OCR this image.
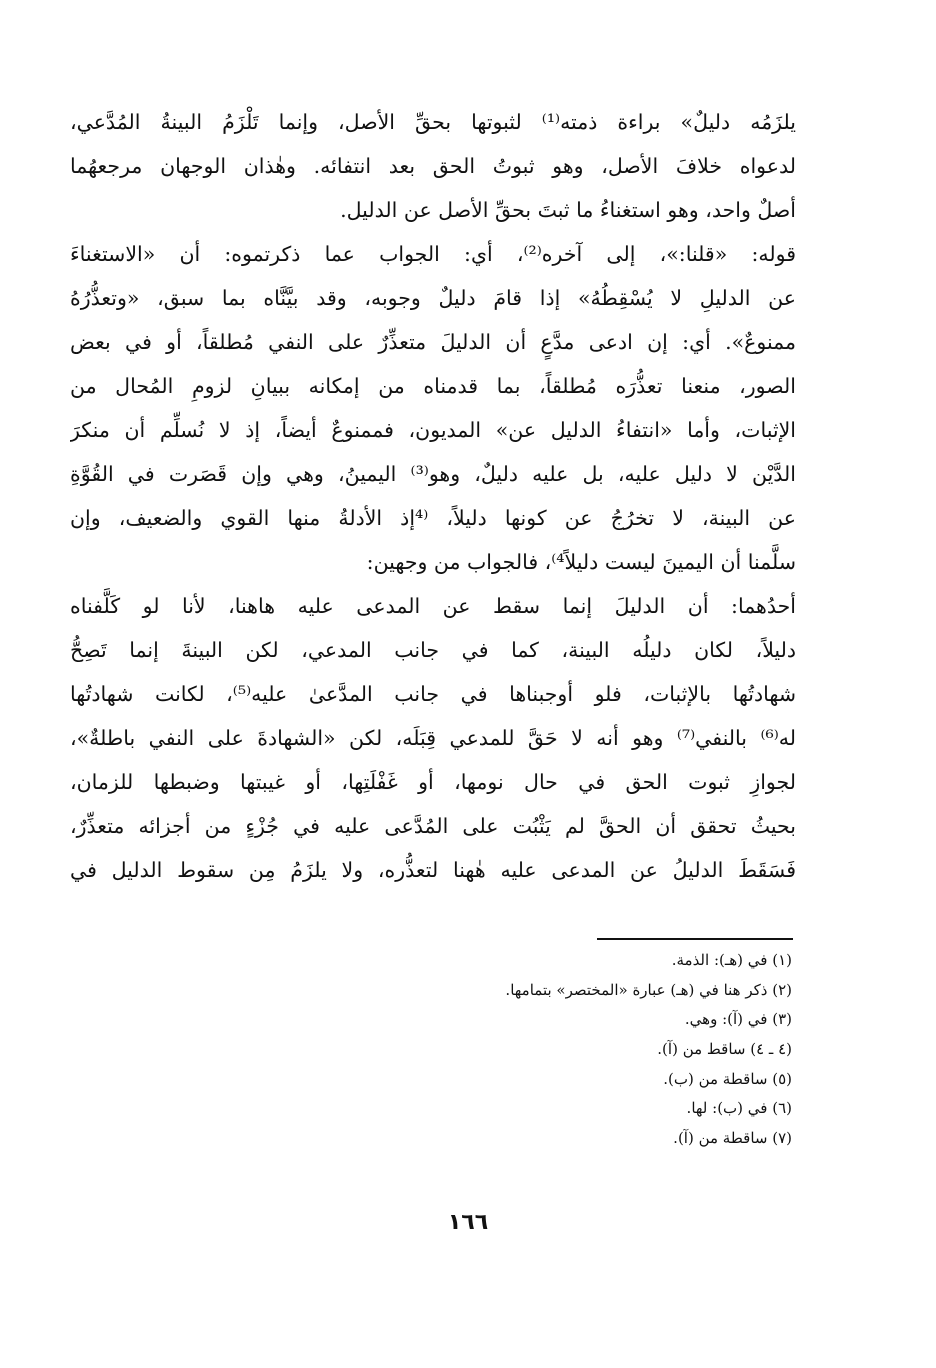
يلزَمُه دليلٌ» براءة ذمته⁽¹⁾ لثبوتها بحقِّ الأصل، وإنما تَلْزَمُ البينةُ المُدَّعي،
لدعواه خلافَ الأصل، وهو ثبوتُ الحق بعد انتفائه. وهٰذان الوجهان مرجعهُما
أصلٌ واحد، وهو استغناءُ ما ثبتَ بحقِّ الأصل عن الدليل.
قوله: «قلنا:»، إلى آخره⁽²⁾، أي: الجواب عما ذكرتموه: أن «الاستغناءَ
عن الدليلِ لا يُسْقِطُهُ» إذا قامَ دليلٌ وجوبه، وقد بيَّنَّاه بما سبق، «وتعذُّرُهُ
ممنوعٌ». أي: إن ادعى مدَّعٍ أن الدليلَ متعذِّرٌ على النفي مُطلقاً، أو في بعض
الصور، منعنا تعذُّرَه مُطلقاً، بما قدمناه من إمكانه ببيانِ لزومِ المُحال من
الإثبات، وأما «انتفاءُ الدليل عن» المديون، فممنوعٌ أيضاً، إذ لا نُسلِّم أن منكرَ
الدَّيْن لا دليل عليه، بل عليه دليلٌ، وهو⁽³⁾ اليمينُ، وهي وإن قَصَرت في القُوَّةِ
عن البينة، لا تخرُجُ عن كونها دليلاً، ⁽⁴إذ الأدلةُ منها القوي والضعيف، وإن
سلَّمنا أن اليمينَ ليست دليلاً⁴⁾، فالجواب من وجهين:
أحدُهما: أن الدليلَ إنما سقط عن المدعى عليه هاهنا، لأنا لو كَلَّفناه
دليلاً، لكان دليلُه البينة، كما في جانب المدعي، لكن البينةَ إنما تَصِحُّ
شهادتُها بالإثبات، فلو أوجبناها في جانب المدَّعىٰ عليه⁽⁵⁾، لكانت شهادتُها
له⁽⁶⁾ بالنفي⁽⁷⁾ وهو أنه لا حَقَّ للمدعي قِبَلَه، لكن «الشهادةَ على النفي باطلةٌ»،
لجوازِ ثبوت الحق في حال نومها، أو غَفْلَتِها، أو غيبتها وضبطها للزمان،
بحيثُ تحقق أن الحقَّ لم يَثْبُت على المُدَّعى عليه في جُزْءٍ من أجزائه متعذِّرٌ،
فَسَقَطَ الدليلُ عن المدعى عليه هٰهنا لتعذُّره، ولا يلزَمُ مِن سقوط الدليل في
(١) في (هـ): الذمة.
(٢) ذكر هنا في (هـ) عبارة «المختصر» بتمامها.
(٣) في (آ): وهي.
(٤ ـ ٤) ساقط من (آ).
(٥) ساقطة من (ب).
(٦) في (ب): لها.
(٧) ساقطة من (آ).
١٦٦
